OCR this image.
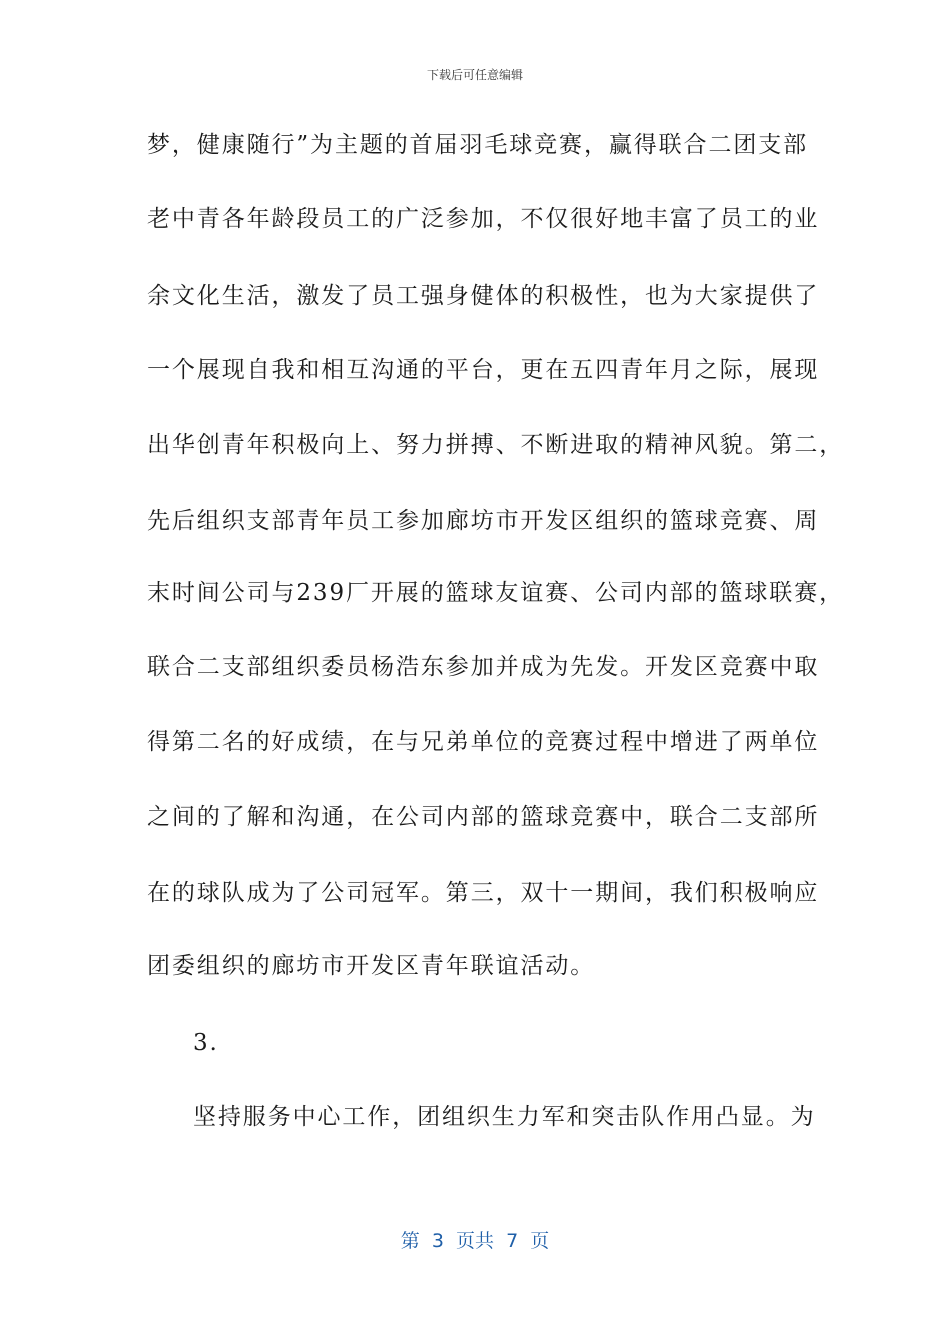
下载后可任意编辑
梦，健康随行”为主题的首届羽毛球竞赛，赢得联合二团支部
老中青各年龄段员工的广泛参加，不仅很好地丰富了员工的业
余文化生活，激发了员工强身健体的积极性，也为大家提供了
一个展现自我和相互沟通的平台，更在五四青年月之际，展现
出华创青年积极向上、努力拼搏、不断进取的精神风貌。第二，
先后组织支部青年员工参加廊坊市开发区组织的篮球竞赛、周
末时间公司与239厂开展的篮球友谊赛、公司内部的篮球联赛，
联合二支部组织委员杨浩东参加并成为先发。开发区竞赛中取
得第二名的好成绩，在与兄弟单位的竞赛过程中增进了两单位
之间的了解和沟通，在公司内部的篮球竞赛中，联合二支部所
在的球队成为了公司冠军。第三，双十一期间，我们积极响应
团委组织的廊坊市开发区青年联谊活动。
3.
坚持服务中心工作，团组织生力军和突击队作用凸显。为
第  3  页共  7  页
